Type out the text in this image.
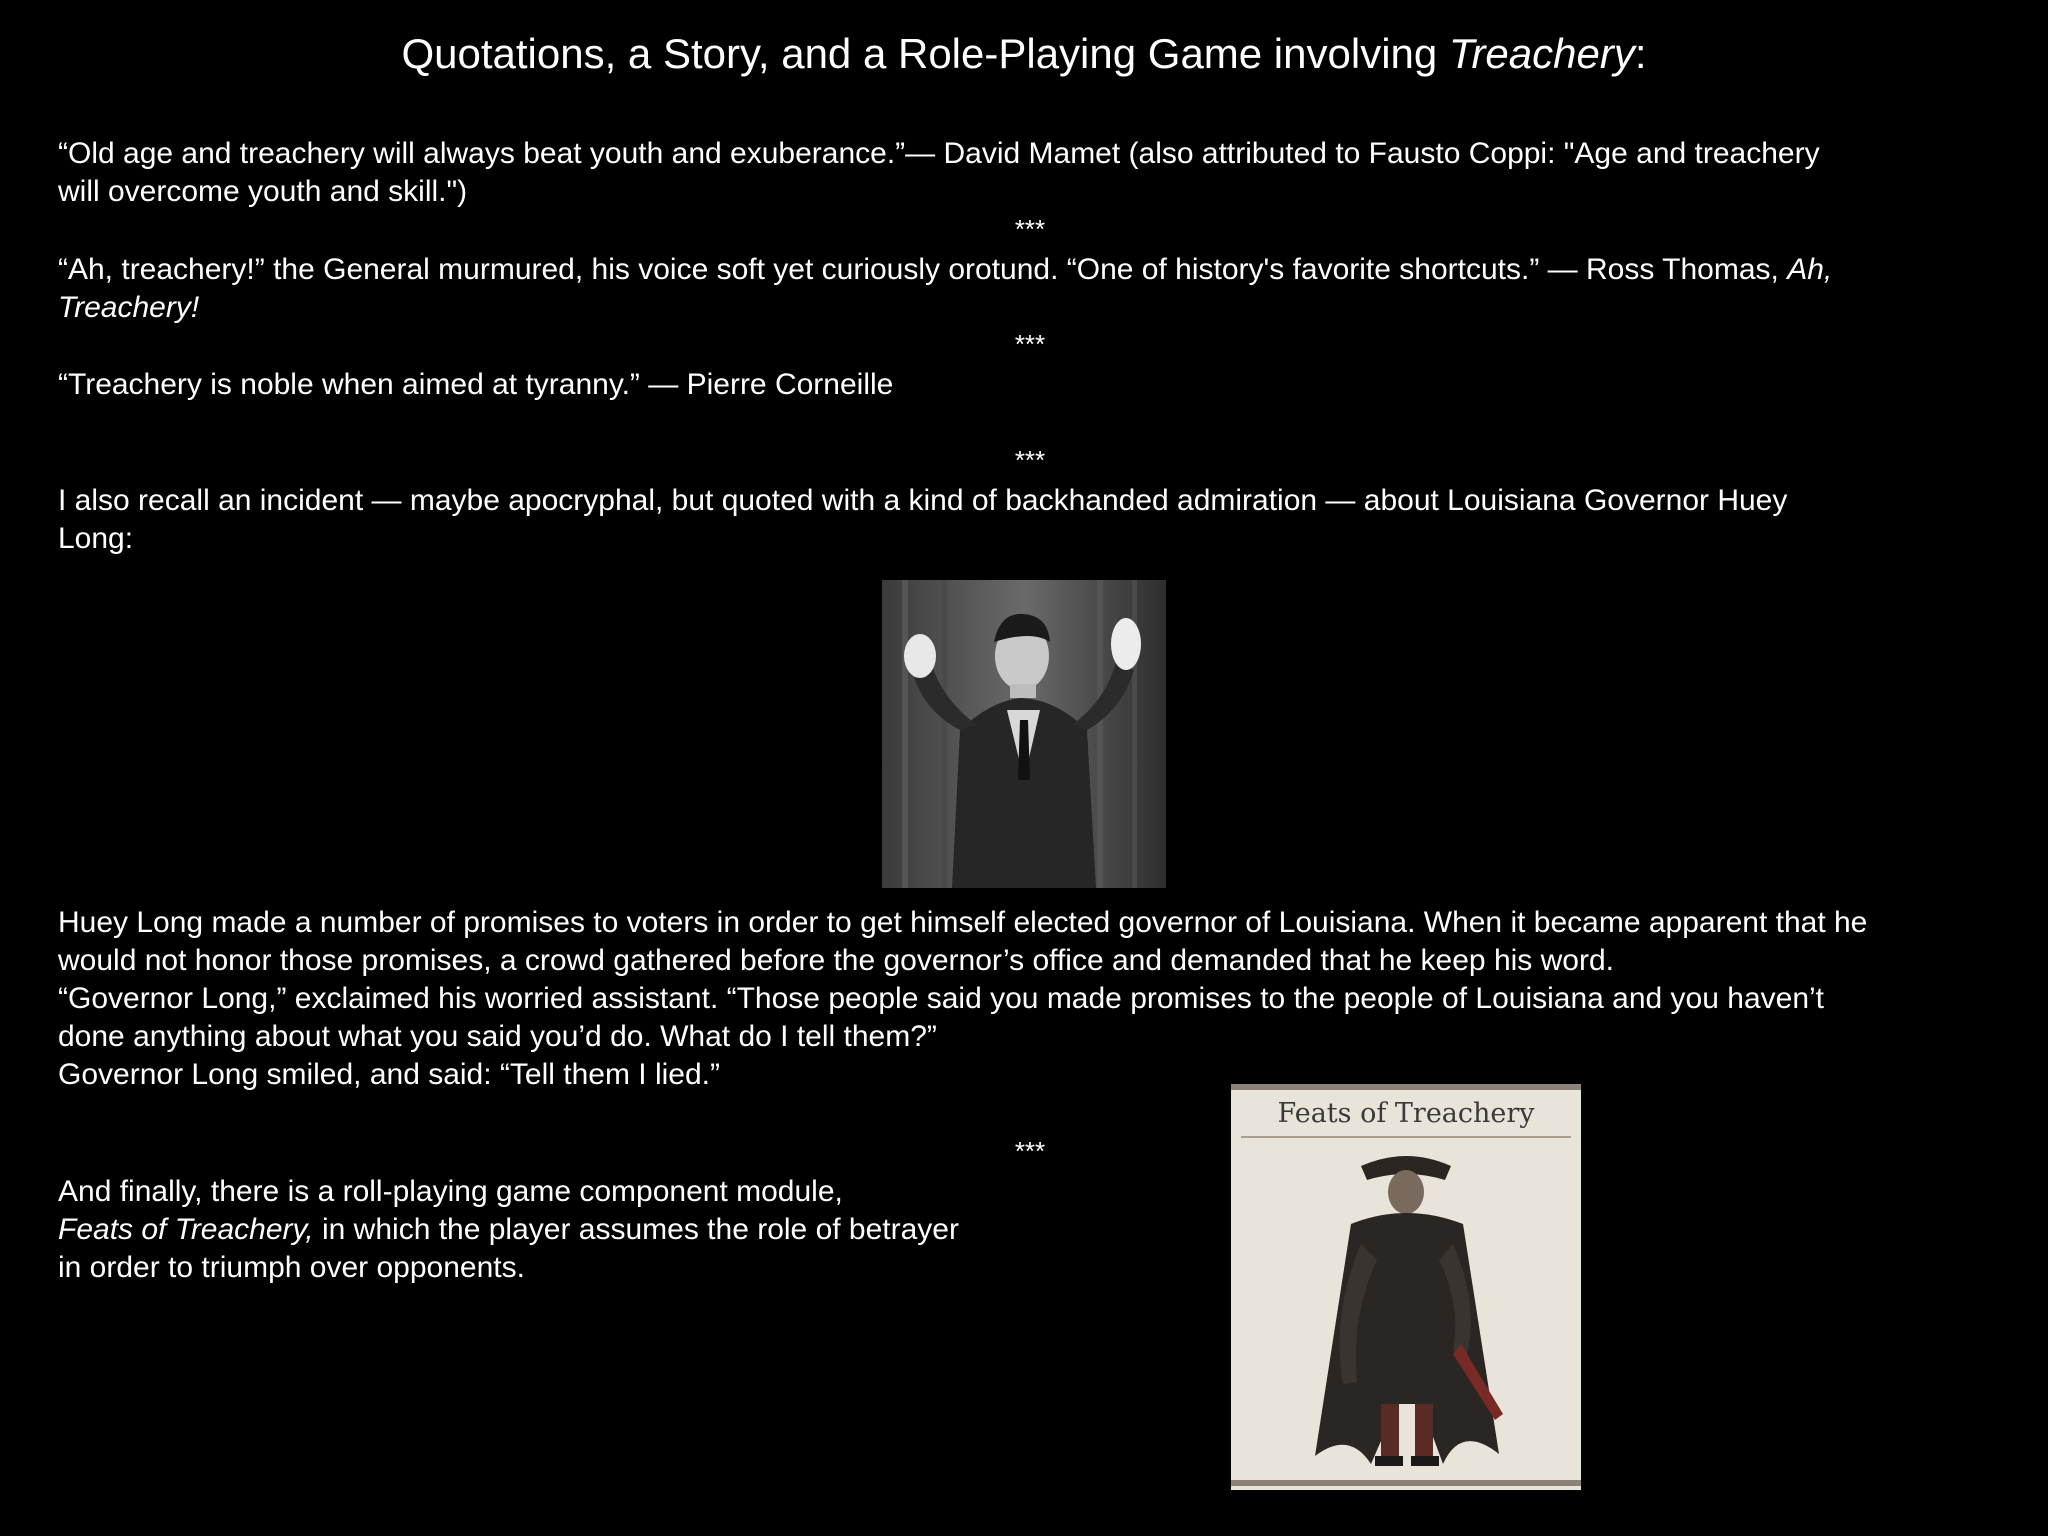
Quotations, a Story, and a Role-Playing Game involving Treachery:
“Old age and treachery will always beat youth and exuberance.”— David Mamet (also attributed to Fausto Coppi: "Age and treachery
will overcome youth and skill.")
***
“Ah, treachery!” the General murmured, his voice soft yet curiously orotund. “One of history's favorite shortcuts.” — Ross Thomas, Ah,
Treachery!
***
“Treachery is noble when aimed at tyranny.” — Pierre Corneille
***
I also recall an incident — maybe apocryphal, but quoted with a kind of backhanded admiration — about Louisiana Governor Huey
Long:
Huey Long made a number of promises to voters in order to get himself elected governor of Louisiana. When it became apparent that he
would not honor those promises, a crowd gathered before the governor’s office and demanded that he keep his word.
“Governor Long,” exclaimed his worried assistant. “Those people said you made promises to the people of Louisiana and you haven’t
done anything about what you said you’d do. What do I tell them?”
Governor Long smiled, and said: “Tell them I lied.”
***
And finally, there is a roll-playing game component module,
Feats of Treachery, in which the player assumes the role of betrayer
in order to triumph over opponents.
Feats of Treachery
